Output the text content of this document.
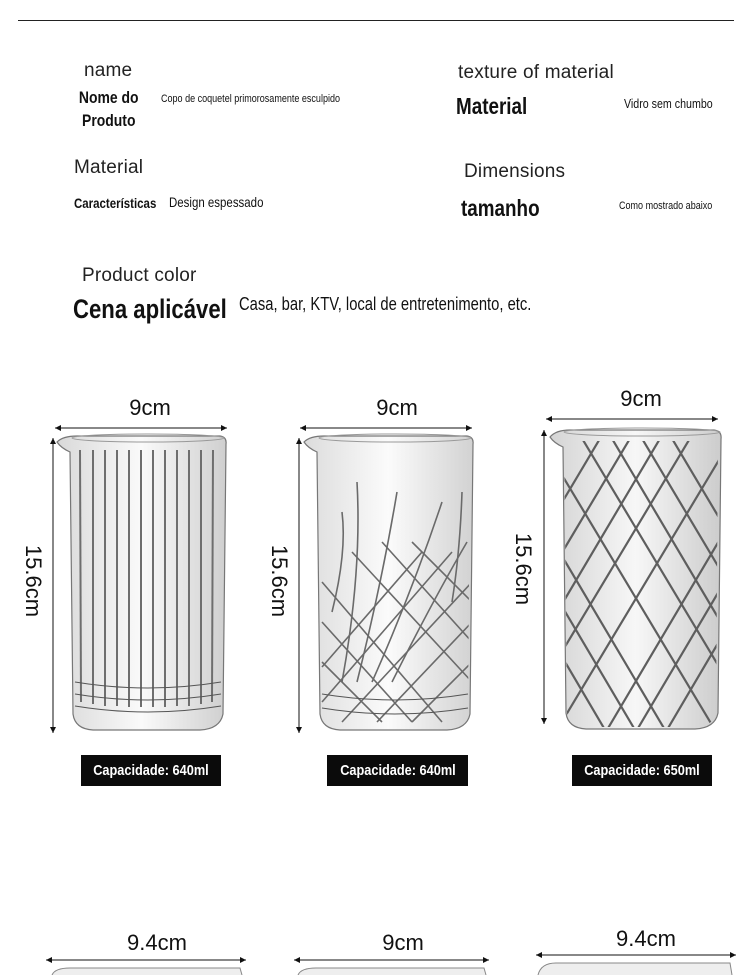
name
Nome do
Produto
Copo de coquetel primorosamente esculpido
texture of material
Material	Vidro sem chumbo
Material
Características Design espessado
Dimensions
tamanho	Como mostrado abaixo
Product color
Cena aplicável Casa, bar, KTV, local de entretenimento, etc.
9cm
15.6cm
Capacidade: 640ml
9cm
15.6cm
Capacidade: 640ml
9cm
15.6cm
Capacidade: 650ml
9.4cm	9cm	9.4cm
